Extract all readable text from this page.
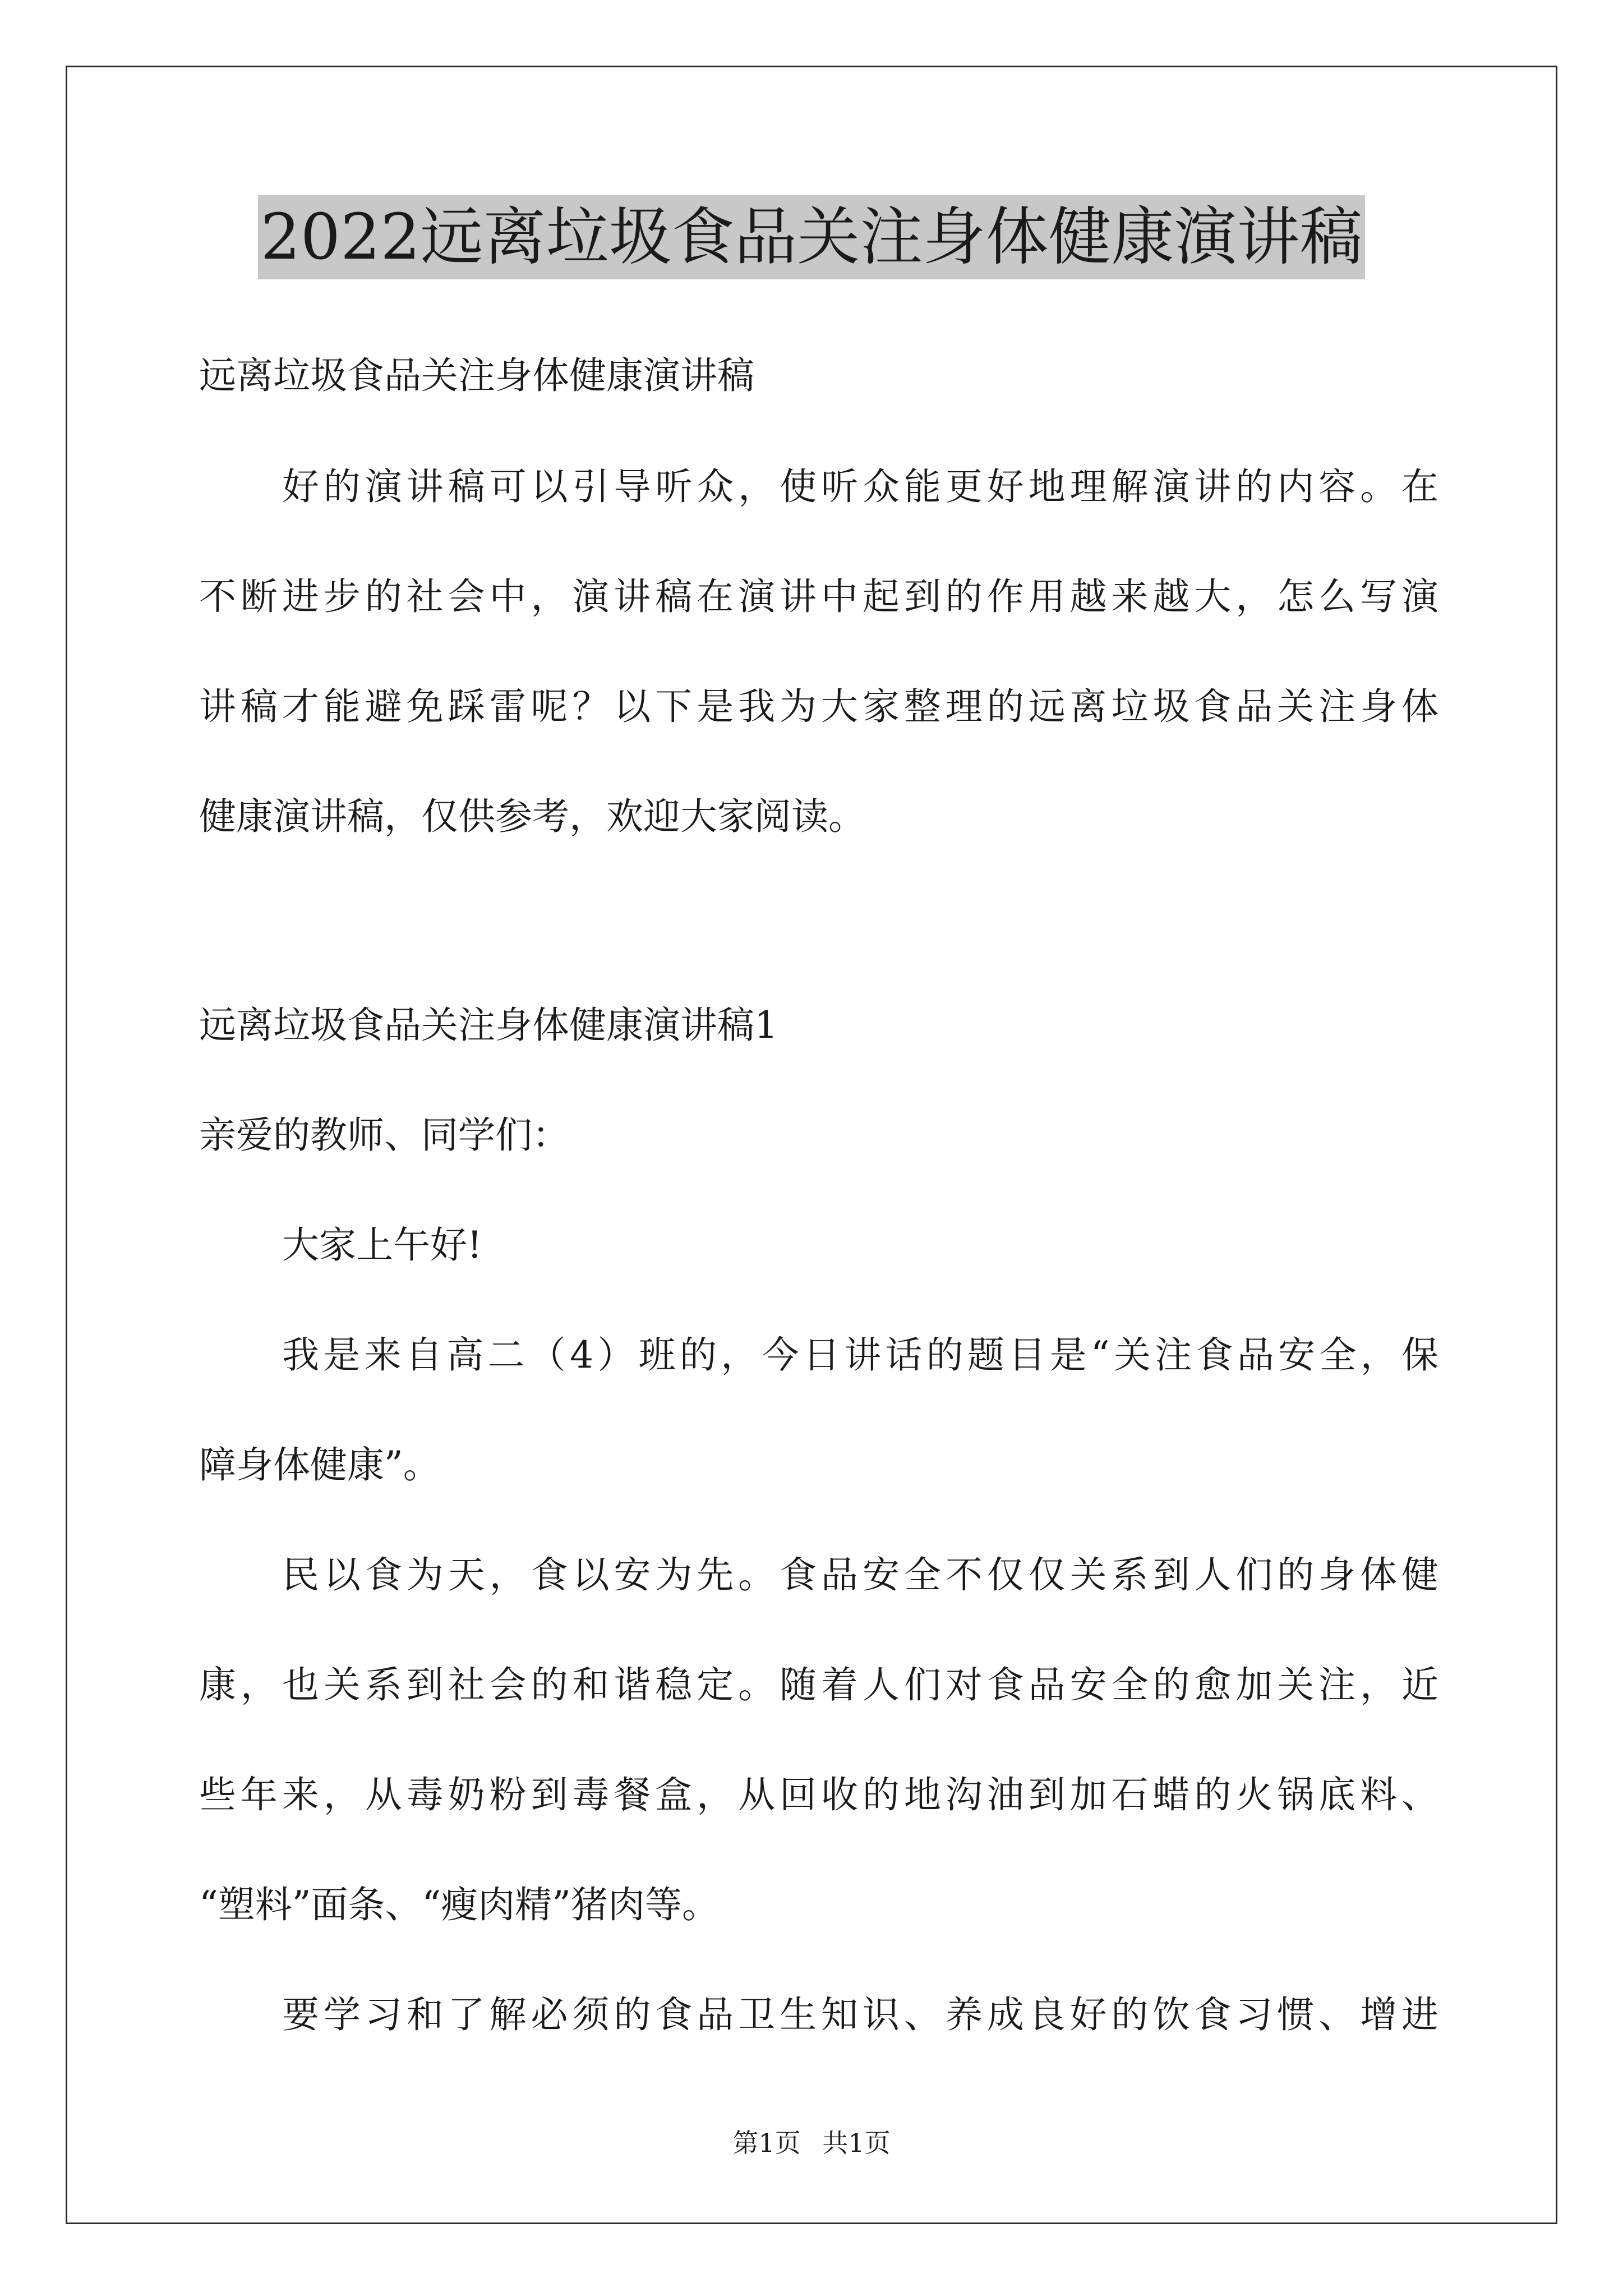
2022远离垃圾食品关注身体健康演讲稿
远离垃圾食品关注身体健康演讲稿
好的演讲稿可以引导听众，使听众能更好地理解演讲的内容。在
不断进步的社会中，演讲稿在演讲中起到的作用越来越大，怎么写演
讲稿才能避免踩雷呢？以下是我为大家整理的远离垃圾食品关注身体
健康演讲稿，仅供参考，欢迎大家阅读。
远离垃圾食品关注身体健康演讲稿1
亲爱的教师、同学们：
大家上午好!
我是来自高二（4）班的，今日讲话的题目是“关注食品安全，保
障身体健康”。
民以食为天，食以安为先。食品安全不仅仅关系到人们的身体健
康，也关系到社会的和谐稳定。随着人们对食品安全的愈加关注，近
些年来，从毒奶粉到毒餐盒，从回收的地沟油到加石蜡的火锅底料、
“塑料”面条、“瘦肉精”猪肉等。
要学习和了解必须的食品卫生知识、养成良好的饮食习惯、增进
第1页 共1页
